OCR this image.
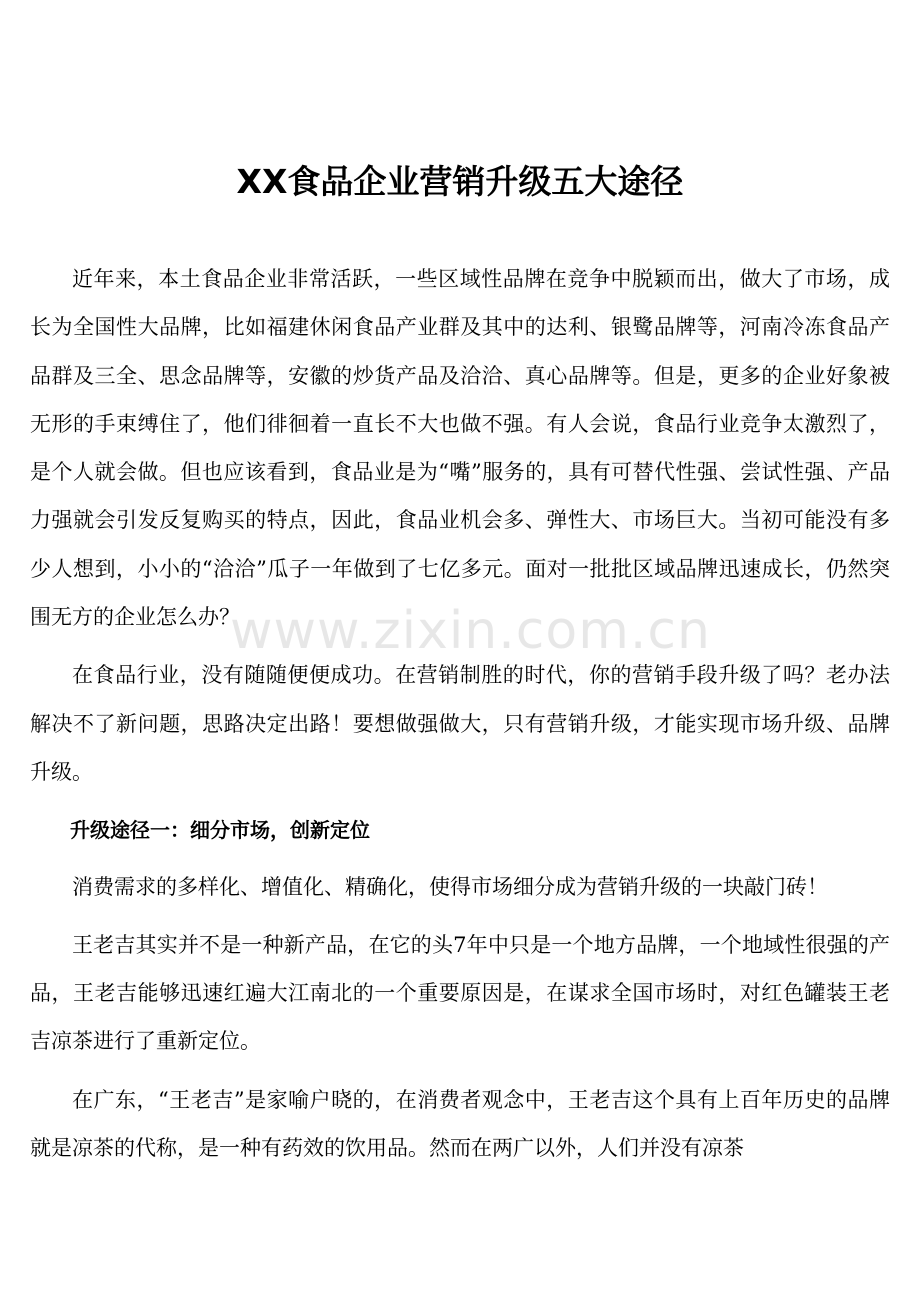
XX食品企业营销升级五大途径

近年来，本土食品企业非常活跃，一些区域性品牌在竞争中脱颖而出，做大了市场，成长为全国性大品牌，比如福建休闲食品产业群及其中的达利、银鹭品牌等，河南冷冻食品产品群及三全、思念品牌等，安徽的炒货产品及洽洽、真心品牌等。但是，更多的企业好象被无形的手束缚住了，他们徘徊着一直长不大也做不强。有人会说，食品行业竞争太激烈了，是个人就会做。但也应该看到，食品业是为“嘴”服务的，具有可替代性强、尝试性强、产品力强就会引发反复购买的特点，因此，食品业机会多、弹性大、市场巨大。当初可能没有多少人想到，小小的“洽洽”瓜子一年做到了七亿多元。面对一批批区域品牌迅速成长，仍然突围无方的企业怎么办？

在食品行业，没有随随便便成功。在营销制胜的时代，你的营销手段升级了吗？老办法解决不了新问题，思路决定出路！要想做强做大，只有营销升级，才能实现市场升级、品牌升级。

升级途径一：细分市场，创新定位

消费需求的多样化、增值化、精确化，使得市场细分成为营销升级的一块敲门砖！

王老吉其实并不是一种新产品，在它的头7年中只是一个地方品牌，一个地域性很强的产品，王老吉能够迅速红遍大江南北的一个重要原因是，在谋求全国市场时，对红色罐装王老吉凉茶进行了重新定位。

在广东，“王老吉”是家喻户晓的，在消费者观念中，王老吉这个具有上百年历史的品牌就是凉茶的代称，是一种有药效的饮用品。然而在两广以外，人们并没有凉茶

www.zixin.com.cn
